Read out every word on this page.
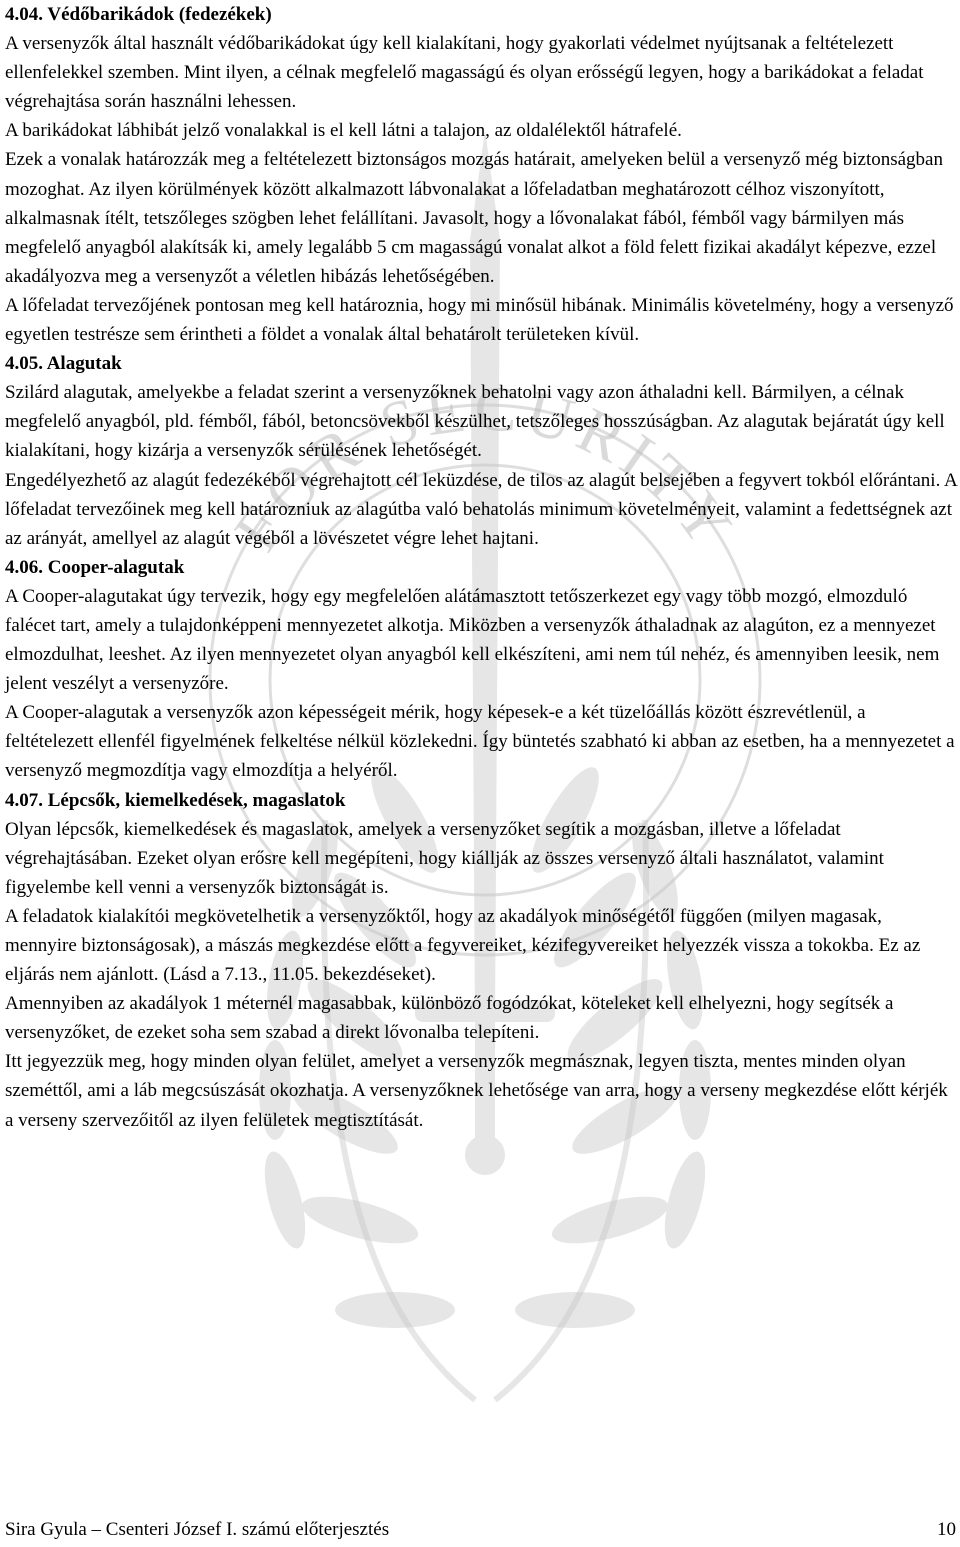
FOR SECURITY
4.04. Védőbarikádok (fedezékek)

A versenyzők által használt védőbarikádokat úgy kell kialakítani, hogy gyakorlati védelmet nyújtsanak a feltételezett ellenfelekkel szemben. Mint ilyen, a célnak megfelelő magasságú és olyan erősségű legyen, hogy a barikádokat a feladat végrehajtása során használni lehessen.

A barikádokat lábhibát jelző vonalakkal is el kell látni a talajon, az oldalélektől hátrafelé.

Ezek a vonalak határozzák meg a feltételezett biztonságos mozgás határait, amelyeken belül a versenyző még biztonságban mozoghat. Az ilyen körülmények között alkalmazott lábvonalakat a lőfeladatban meghatározott célhoz viszonyított, alkalmasnak ítélt, tetszőleges szögben lehet felállítani. Javasolt, hogy a lővonalakat fából, fémből vagy bármilyen más megfelelő anyagból alakítsák ki, amely legalább 5 cm magasságú vonalat alkot a föld felett fizikai akadályt képezve, ezzel akadályozva meg a versenyzőt a véletlen hibázás lehetőségében.

A lőfeladat tervezőjének pontosan meg kell határoznia, hogy mi minősül hibának. Minimális követelmény, hogy a versenyző egyetlen testrésze sem érintheti a földet a vonalak által behatárolt területeken kívül.

4.05. Alagutak

Szilárd alagutak, amelyekbe a feladat szerint a versenyzőknek behatolni vagy azon áthaladni kell. Bármilyen, a célnak megfelelő anyagból, pld. fémből, fából, betoncsövekből készülhet, tetszőleges hosszúságban. Az alagutak bejáratát úgy kell kialakítani, hogy kizárja a versenyzők sérülésének lehetőségét.

Engedélyezhető az alagút fedezékéből végrehajtott cél leküzdése, de tilos az alagút belsejében a fegyvert tokból előrántani. A lőfeladat tervezőinek meg kell határozniuk az alagútba való behatolás minimum követelményeit, valamint a fedettségnek azt az arányát, amellyel az alagút végéből a lövészetet végre lehet hajtani.

4.06. Cooper-alagutak

A Cooper-alagutakat úgy tervezik, hogy egy megfelelően alátámasztott tetőszerkezet egy vagy több mozgó, elmozduló falécet tart, amely a tulajdonképpeni mennyezetet alkotja. Miközben a versenyzők áthaladnak az alagúton, ez a mennyezet elmozdulhat, leeshet. Az ilyen mennyezetet olyan anyagból kell elkészíteni, ami nem túl nehéz, és amennyiben leesik, nem jelent veszélyt a versenyzőre.

A Cooper-alagutak a versenyzők azon képességeit mérik, hogy képesek-e a két tüzelőállás között észrevétlenül, a feltételezett ellenfél figyelmének felkeltése nélkül közlekedni. Így büntetés szabható ki abban az esetben, ha a mennyezetet a versenyző megmozdítja vagy elmozdítja a helyéről.

4.07. Lépcsők, kiemelkedések, magaslatok

Olyan lépcsők, kiemelkedések és magaslatok, amelyek a versenyzőket segítik a mozgásban, illetve a lőfeladat végrehajtásában. Ezeket olyan erősre kell megépíteni, hogy kiállják az összes versenyző általi használatot, valamint figyelembe kell venni a versenyzők biztonságát is.

A feladatok kialakítói megkövetelhetik a versenyzőktől, hogy az akadályok minőségétől függően (milyen magasak, mennyire biztonságosak), a mászás megkezdése előtt a fegyvereiket, kézifegyvereiket helyezzék vissza a tokokba. Ez az eljárás nem ajánlott. (Lásd a 7.13., 11.05. bekezdéseket).

Amennyiben az akadályok 1 méternél magasabbak, különböző fogódzókat, köteleket kell elhelyezni, hogy segítsék a versenyzőket, de ezeket soha sem szabad a direkt lővonalba telepíteni.

Itt jegyezzük meg, hogy minden olyan felület, amelyet a versenyzők megmásznak, legyen tiszta, mentes minden olyan szeméttől, ami a láb megcsúszását okozhatja. A versenyzőknek lehetősége van arra, hogy a verseny megkezdése előtt kérjék a verseny szervezőitől az ilyen felületek megtisztítását.

Sira Gyula – Csenteri József I. számú előterjesztés	10
